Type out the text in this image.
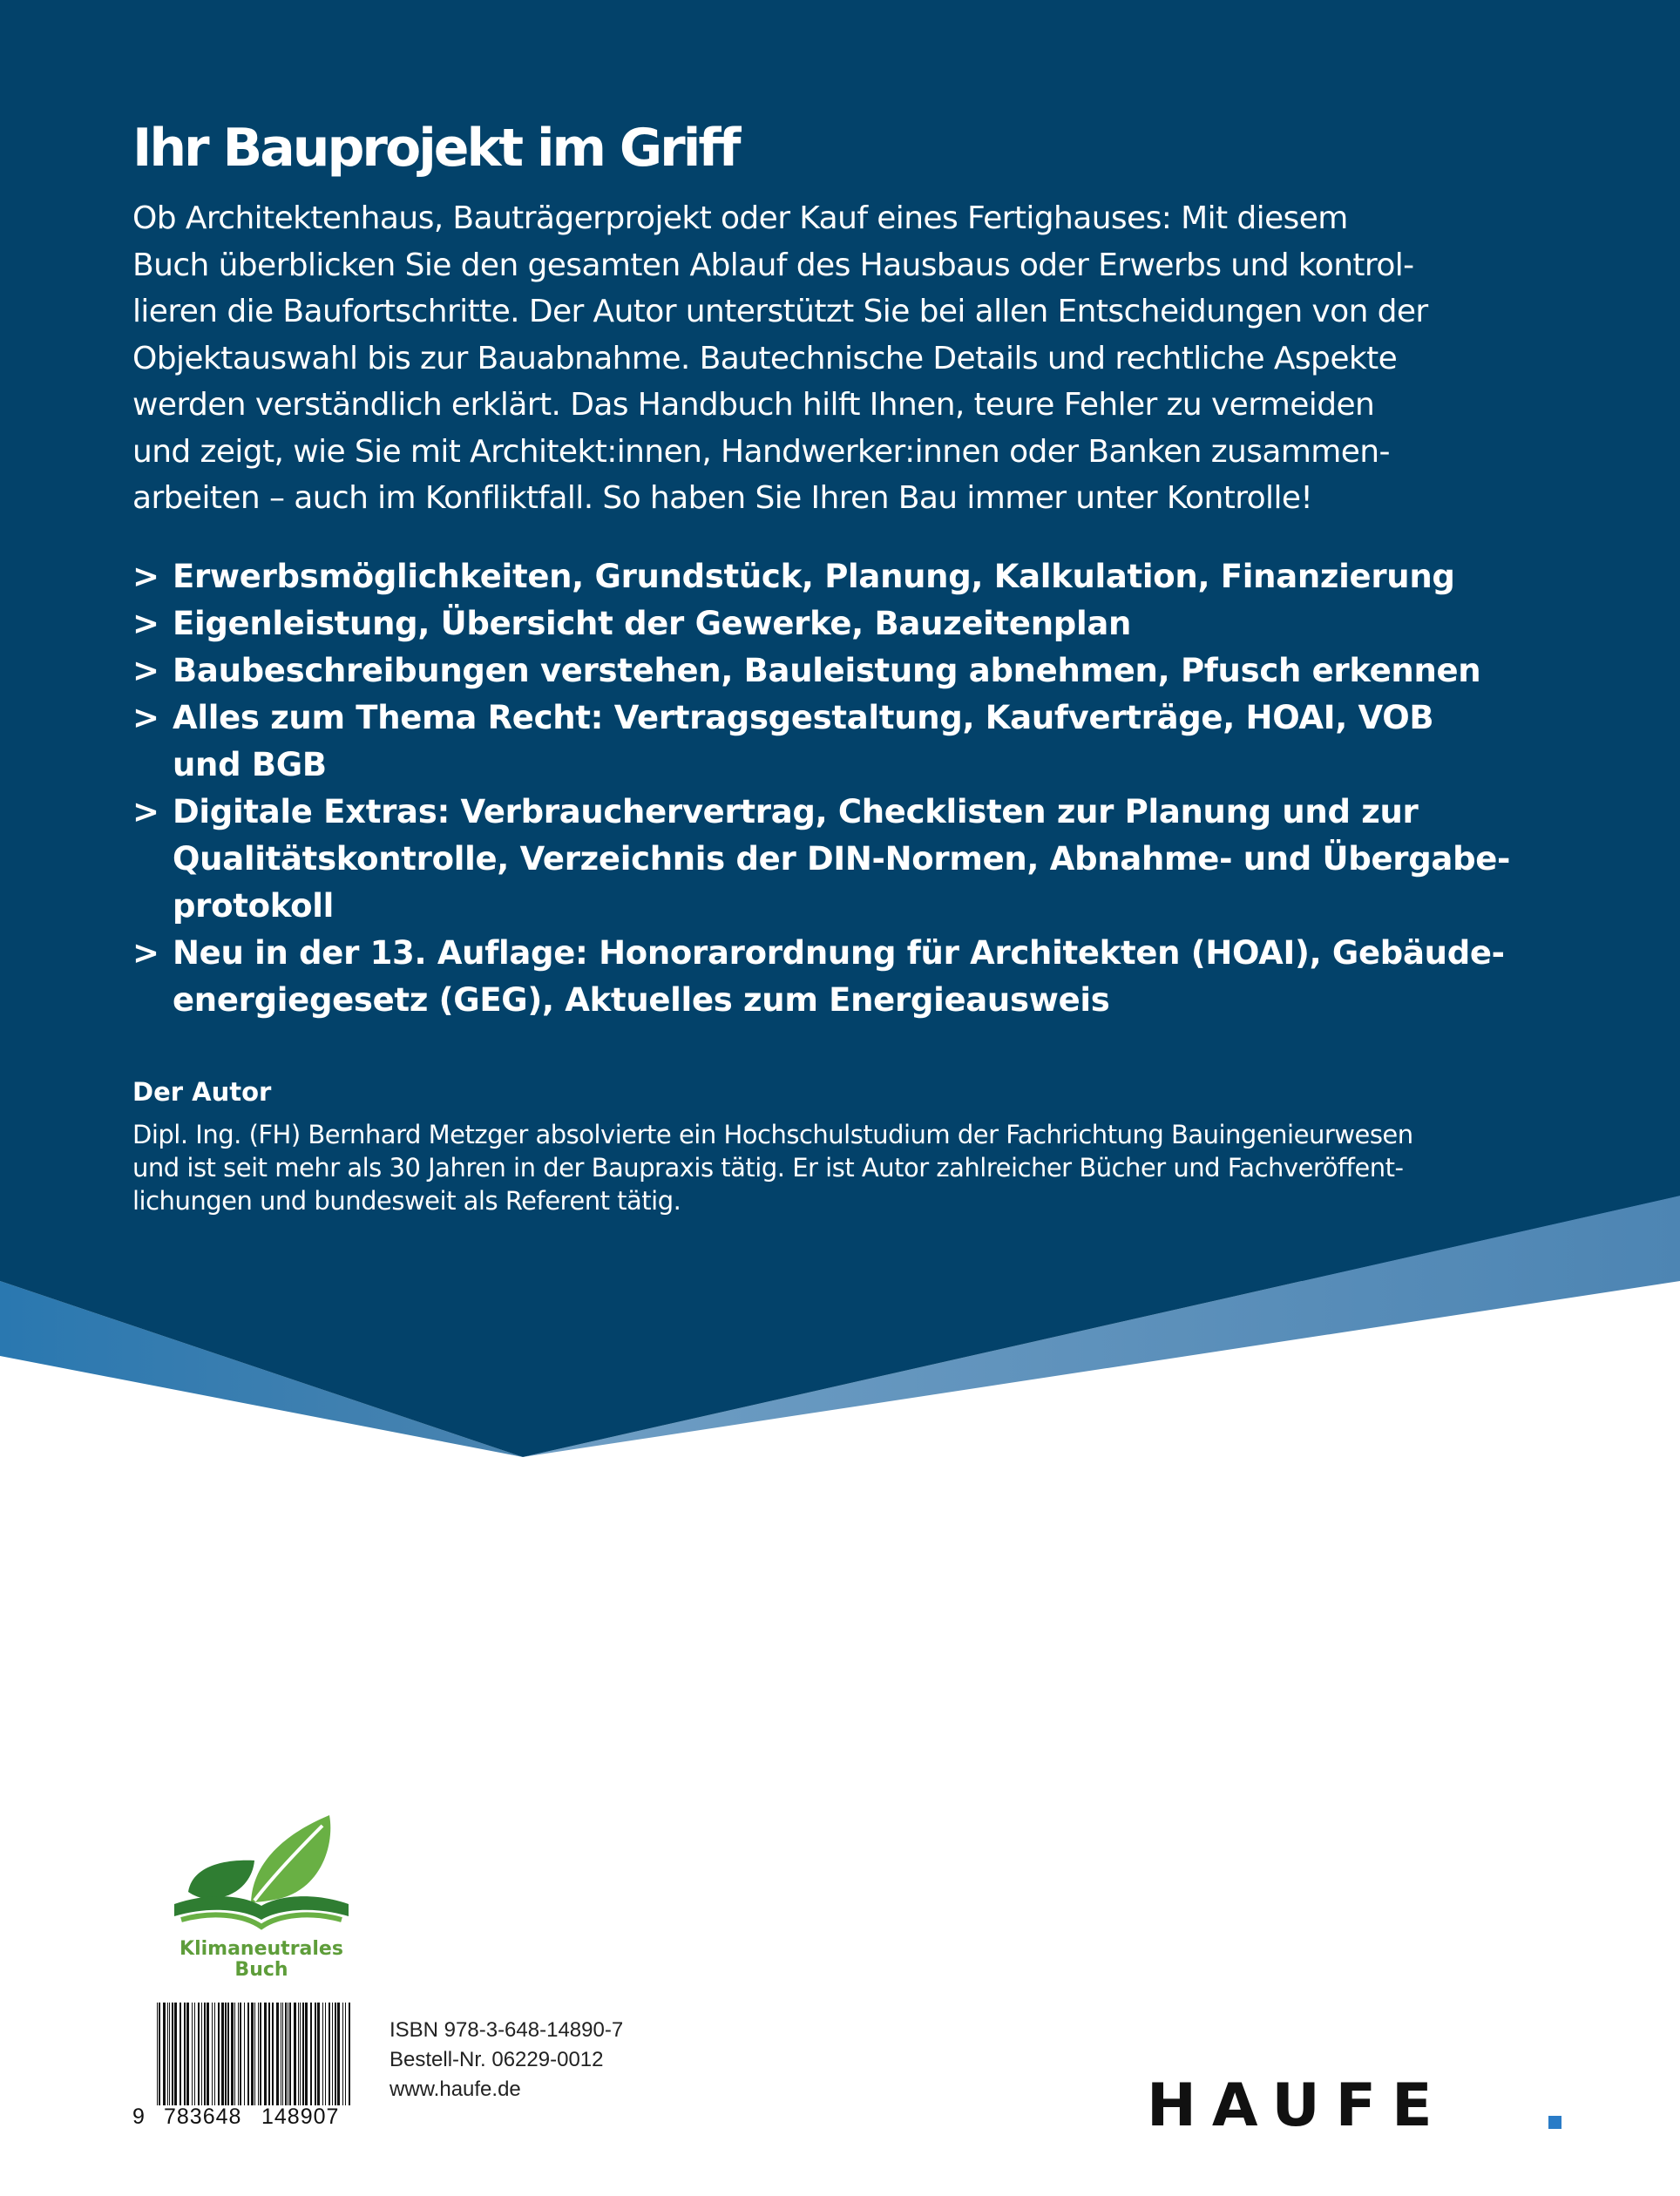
Ihr Bauprojekt im Griff

Ob Architektenhaus, Bauträgerprojekt oder Kauf eines Fertighauses: Mit diesem
Buch überblicken Sie den gesamten Ablauf des Hausbaus oder Erwerbs und kontrol-
lieren die Baufortschritte. Der Autor unterstützt Sie bei allen Entscheidungen von der
Objektauswahl bis zur Bauabnahme. Bautechnische Details und rechtliche Aspekte
werden verständlich erklärt. Das Handbuch hilft Ihnen, teure Fehler zu vermeiden
und zeigt, wie Sie mit Architekt:innen, Handwerker:innen oder Banken zusammen-
arbeiten – auch im Konfliktfall. So haben Sie Ihren Bau immer unter Kontrolle!

> Erwerbsmöglichkeiten, Grundstück, Planung, Kalkulation, Finanzierung
> Eigenleistung, Übersicht der Gewerke, Bauzeitenplan
> Baubeschreibungen verstehen, Bauleistung abnehmen, Pfusch erkennen
> Alles zum Thema Recht: Vertragsgestaltung, Kaufverträge, HOAI, VOB
und BGB
> Digitale Extras: Verbrauchervertrag, Checklisten zur Planung und zur
Qualitätskontrolle, Verzeichnis der DIN-Normen, Abnahme- und Übergabe-
protokoll
> Neu in der 13. Auflage: Honorarordnung für Architekten (HOAI), Gebäude-
energiegesetz (GEG), Aktuelles zum Energieausweis
Der Autor

Dipl. Ing. (FH) Bernhard Metzger absolvierte ein Hochschulstudium der Fachrichtung Bauingenieurwesen
und ist seit mehr als 30 Jahren in der Baupraxis tätig. Er ist Autor zahlreicher Bücher und Fachveröffent-
lichungen und bundesweit als Referent tätig.

Klimaneutrales
Buch
9 783648 148907
ISBN 978-3-648-14890-7
Bestell-Nr. 06229-0012
www.haufe.de	HAUFE
